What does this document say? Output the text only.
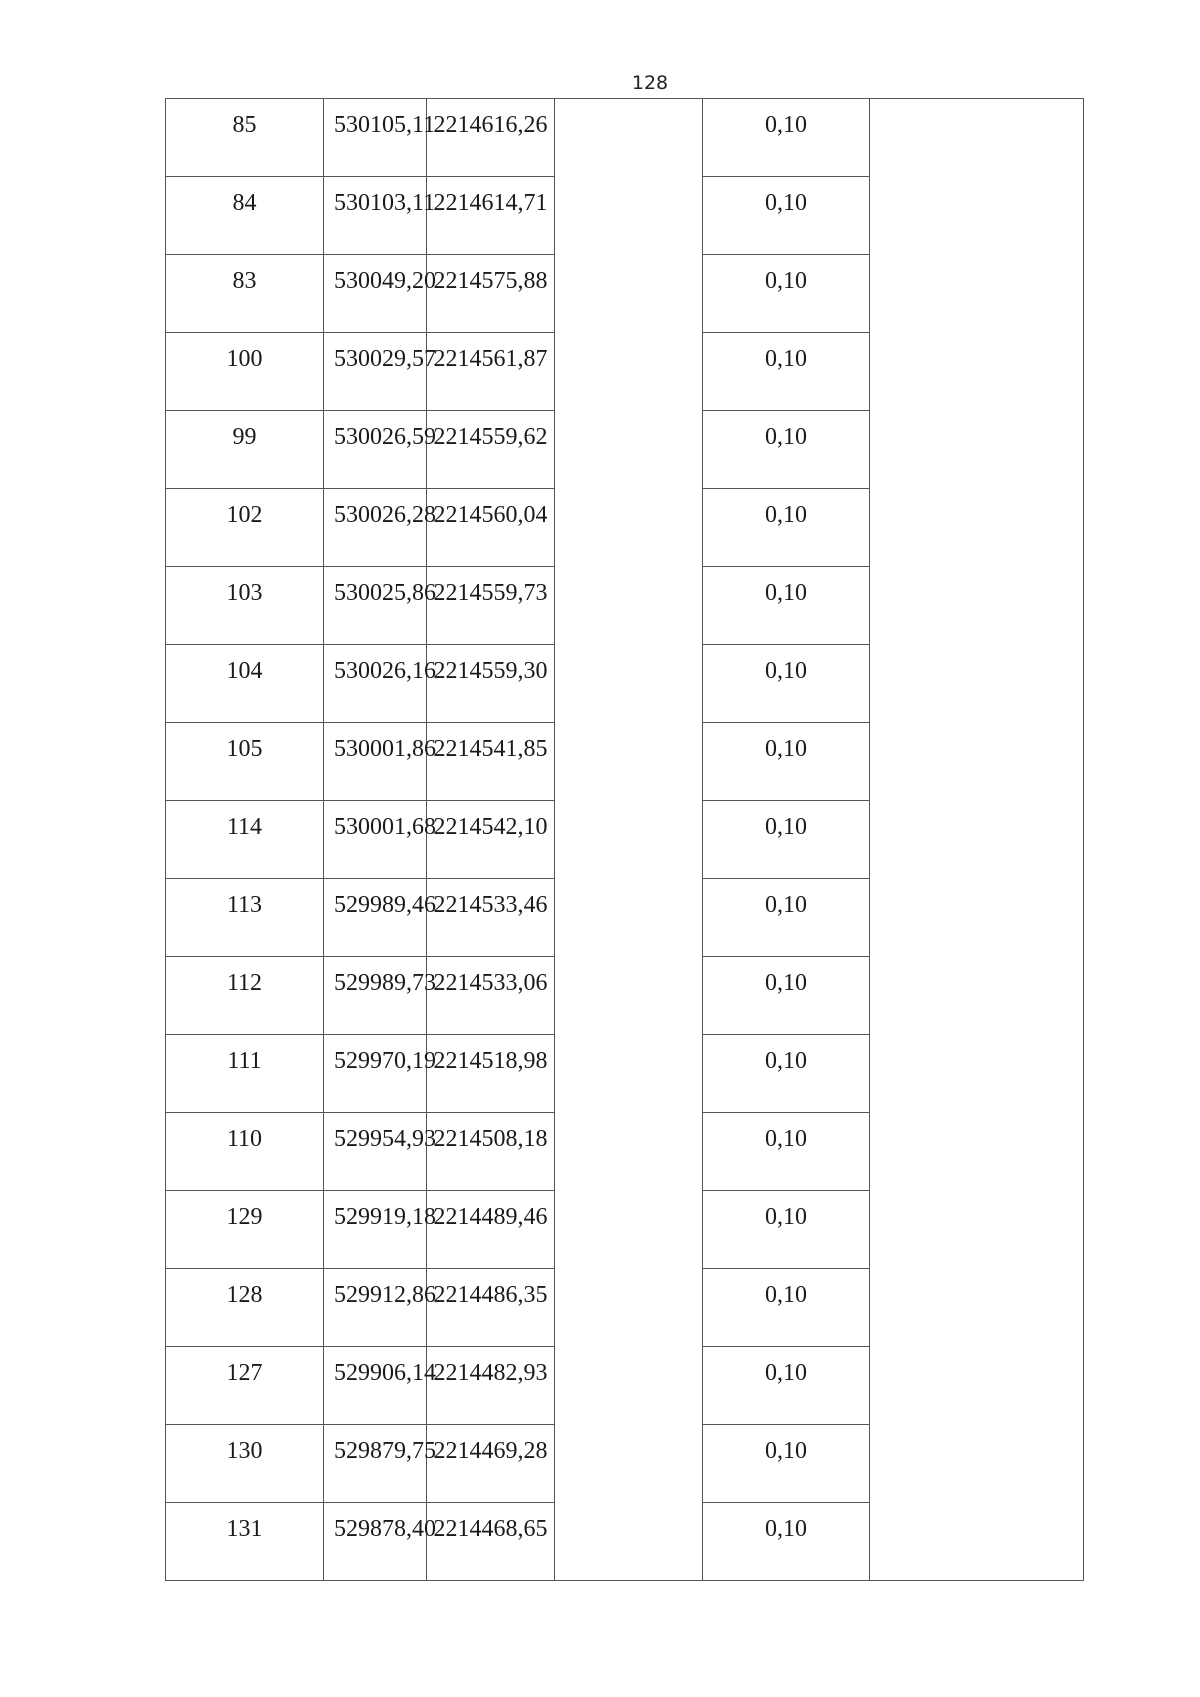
128
85	530105,11	2214616,26		0,10	

84	530103,11	2214614,71		0,10	

83	530049,20	2214575,88		0,10	

100	530029,57	2214561,87		0,10	

99	530026,59	2214559,62		0,10	

102	530026,28	2214560,04		0,10	

103	530025,86	2214559,73		0,10	

104	530026,16	2214559,30		0,10	

105	530001,86	2214541,85		0,10	

114	530001,68	2214542,10		0,10	

113	529989,46	2214533,46		0,10	

112	529989,73	2214533,06		0,10	

111	529970,19	2214518,98		0,10	

110	529954,93	2214508,18		0,10	

129	529919,18	2214489,46		0,10	

128	529912,86	2214486,35		0,10	

127	529906,14	2214482,93		0,10	

130	529879,75	2214469,28		0,10	

131	529878,40	2214468,65		0,10	
